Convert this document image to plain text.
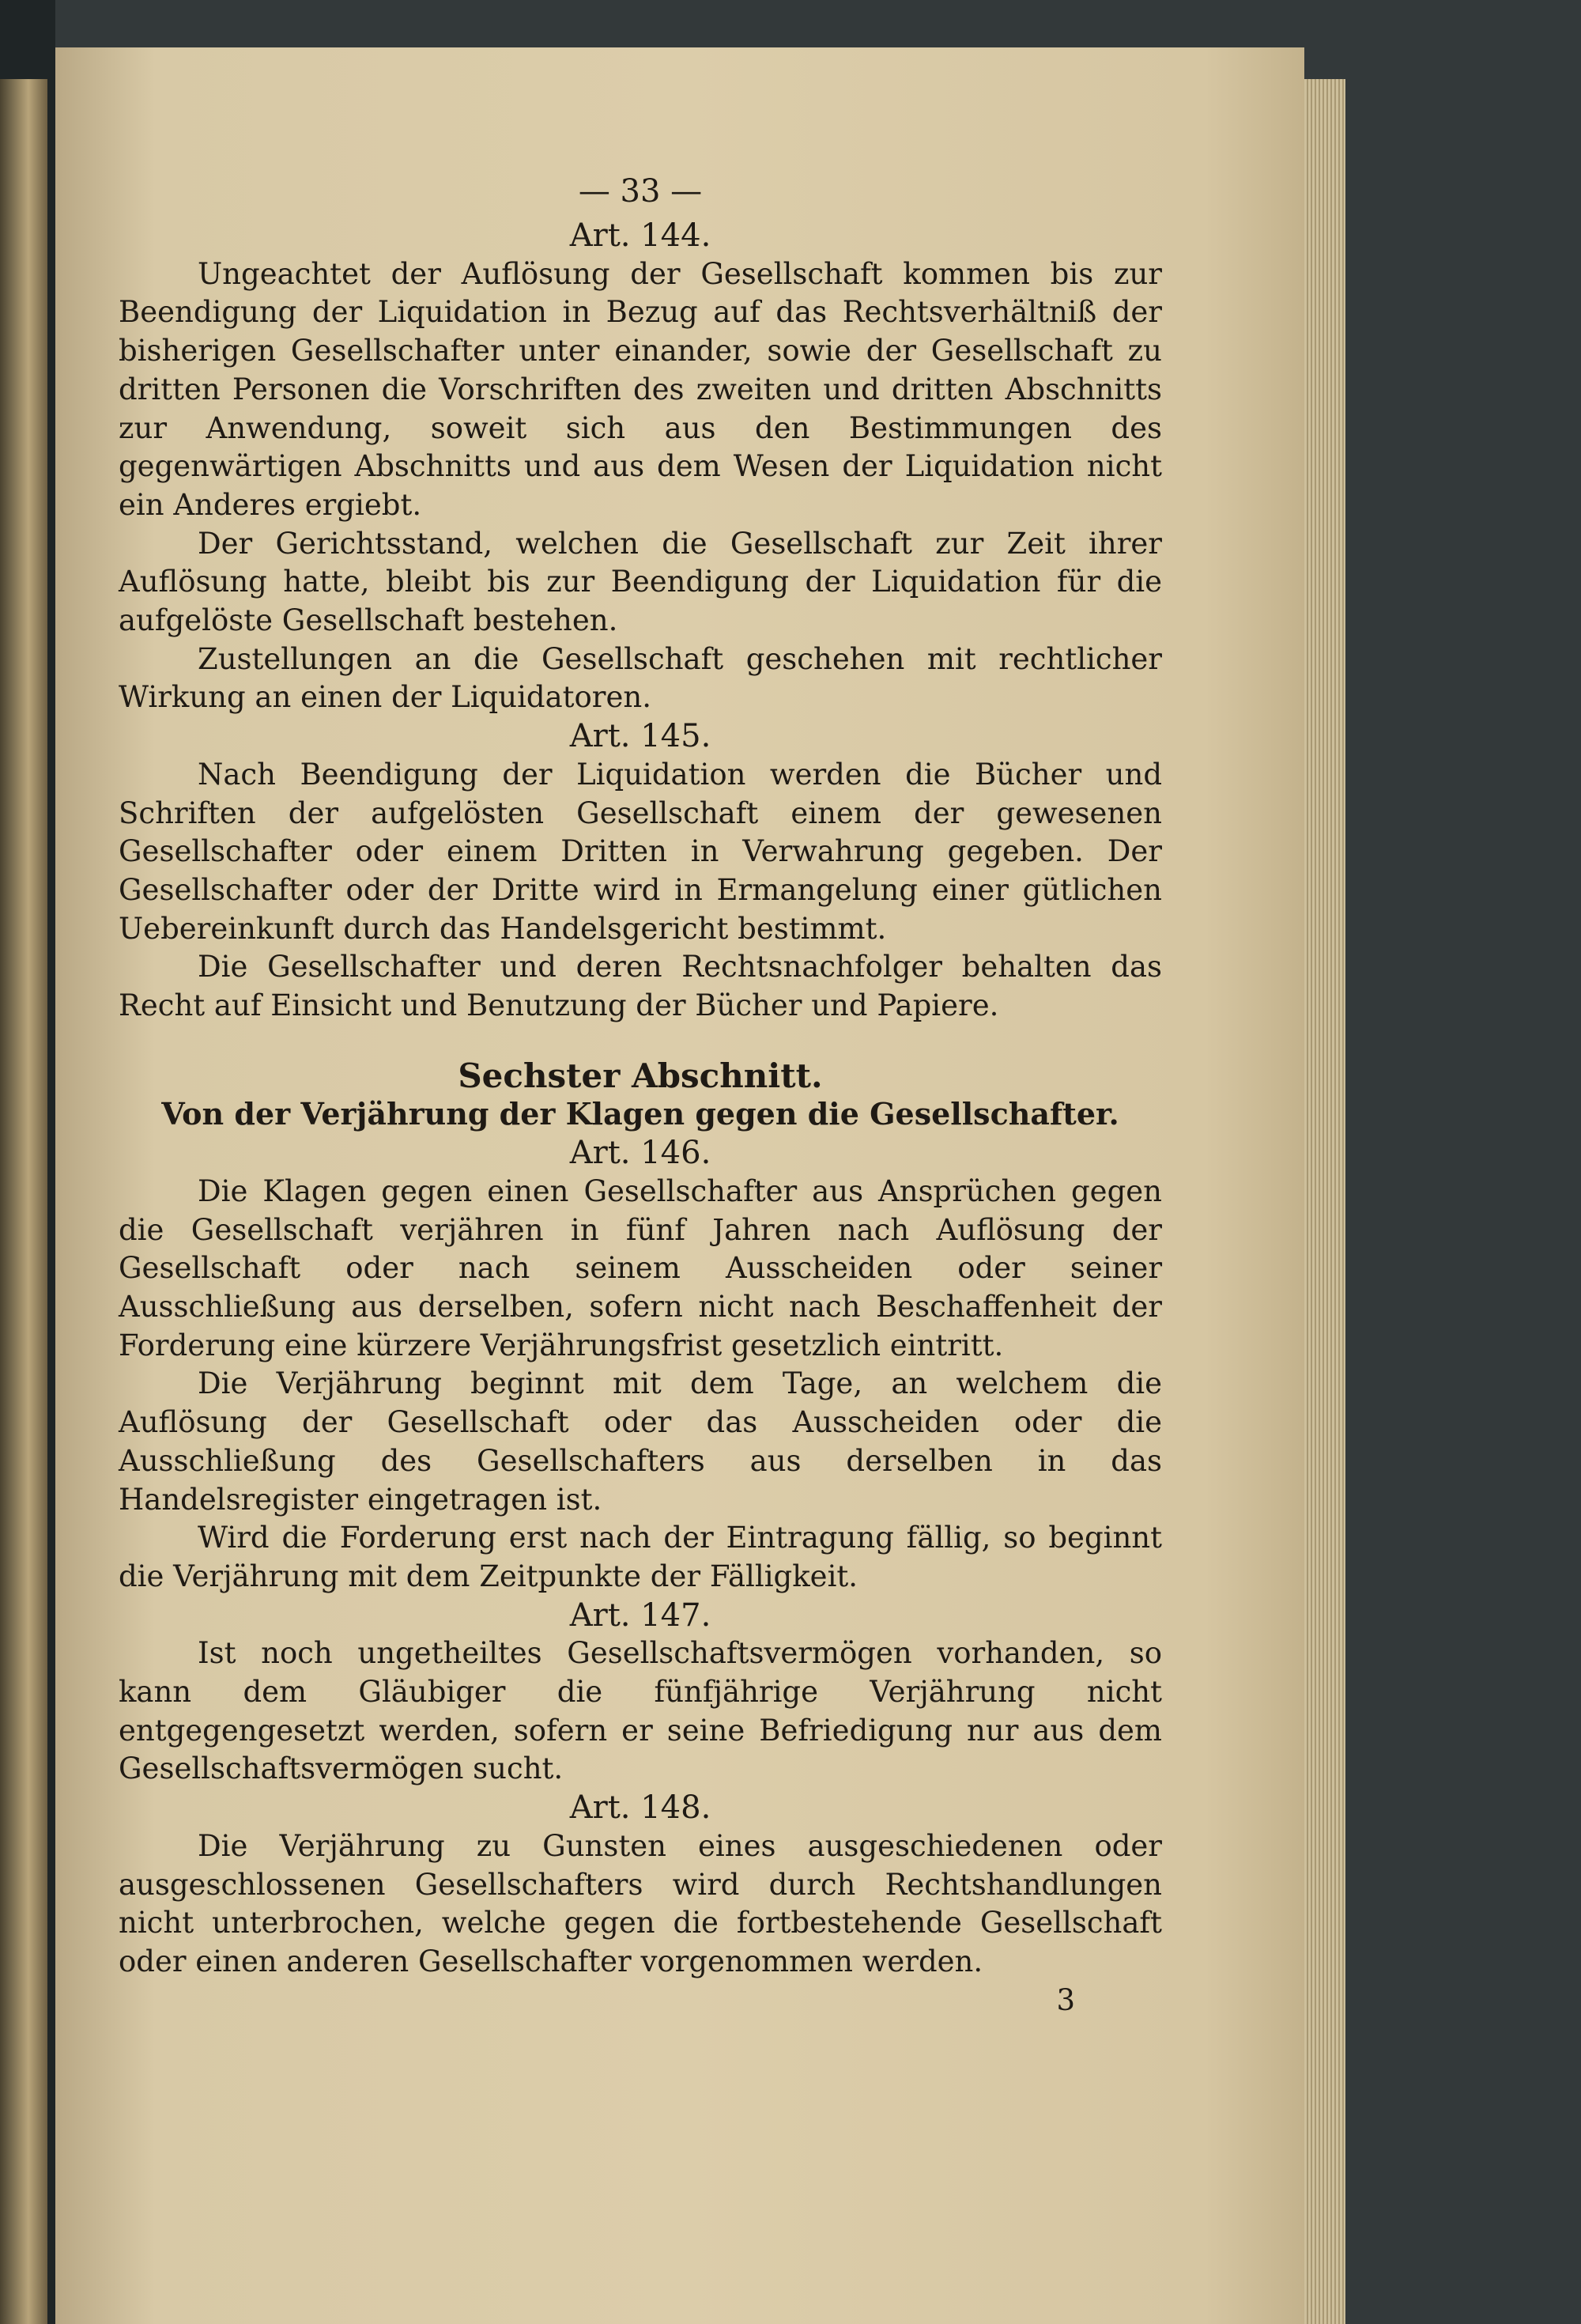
— 33 —
Art. 144.

Ungeachtet der Auflösung der Gesellschaft kommen bis zur Beendigung der Liquidation in Bezug auf das Rechtsverhältniß der bisherigen Gesellschafter unter einander, sowie der Gesellschaft zu dritten Personen die Vorschriften des zweiten und dritten Abschnitts zur Anwendung, soweit sich aus den Bestimmungen des gegenwärtigen Abschnitts und aus dem Wesen der Liquidation nicht ein Anderes ergiebt.

Der Gerichtsstand, welchen die Gesellschaft zur Zeit ihrer Auflösung hatte, bleibt bis zur Beendigung der Liquidation für die aufgelöste Gesellschaft bestehen.

Zustellungen an die Gesellschaft geschehen mit rechtlicher Wirkung an einen der Liquidatoren.

Art. 145.

Nach Beendigung der Liquidation werden die Bücher und Schriften der aufgelösten Gesellschaft einem der gewesenen Gesellschafter oder einem Dritten in Verwahrung gegeben. Der Gesellschafter oder der Dritte wird in Ermangelung einer gütlichen Uebereinkunft durch das Handelsgericht bestimmt.

Die Gesellschafter und deren Rechtsnachfolger behalten das Recht auf Einsicht und Benutzung der Bücher und Papiere.

Sechster Abschnitt.
Von der Verjährung der Klagen gegen die Gesellschafter.
Art. 146.

Die Klagen gegen einen Gesellschafter aus Ansprüchen gegen die Gesellschaft verjähren in fünf Jahren nach Auflösung der Gesellschaft oder nach seinem Ausscheiden oder seiner Ausschließung aus derselben, sofern nicht nach Beschaffenheit der Forderung eine kürzere Verjährungsfrist gesetzlich eintritt.

Die Verjährung beginnt mit dem Tage, an welchem die Auflösung der Gesellschaft oder das Ausscheiden oder die Ausschließung des Gesellschafters aus derselben in das Handelsregister eingetragen ist.

Wird die Forderung erst nach der Eintragung fällig, so beginnt die Verjährung mit dem Zeitpunkte der Fälligkeit.

Art. 147.

Ist noch ungetheiltes Gesellschaftsvermögen vorhanden, so kann dem Gläubiger die fünfjährige Verjährung nicht entgegengesetzt werden, sofern er seine Befriedigung nur aus dem Gesellschaftsvermögen sucht.

Art. 148.

Die Verjährung zu Gunsten eines ausgeschiedenen oder ausgeschlossenen Gesellschafters wird durch Rechtshandlungen nicht unterbrochen, welche gegen die fortbestehende Gesellschaft oder einen anderen Gesellschafter vorgenommen werden.

3
